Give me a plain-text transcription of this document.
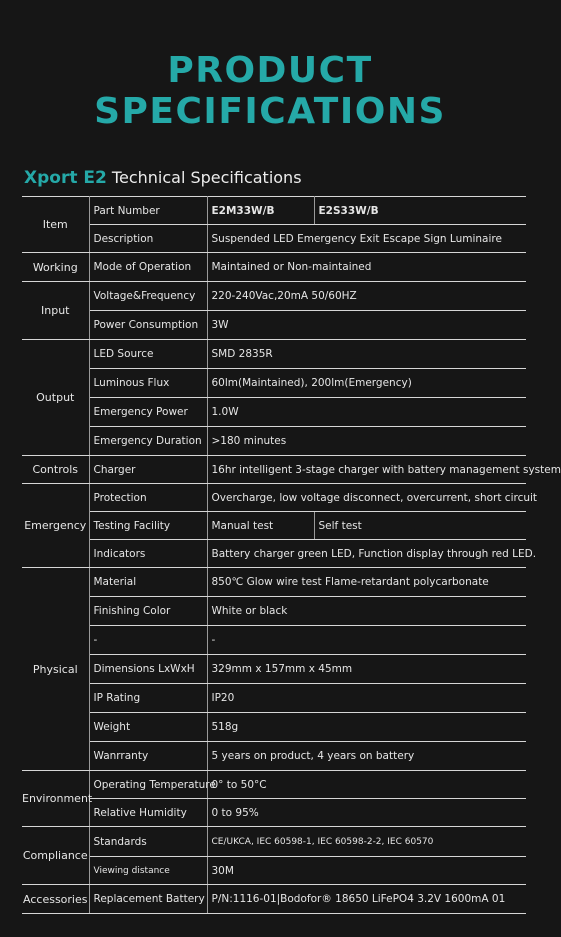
PRODUCT
SPECIFICATIONS
Xport E2 Technical Specifications
Item	Part Number	E2M33W/B	E2S33W/B
	Description	Suspended LED Emergency Exit Escape Sign Luminaire	
Working	Mode of Operation	Maintained or Non-maintained	
Input	Voltage&Frequency	220-240Vac,20mA 50/60HZ	
	Power Consumption	3W	
Output	LED Source	SMD 2835R	
	Luminous Flux	60lm(Maintained), 200lm(Emergency)	
	Emergency Power	1.0W	
	Emergency Duration	>180 minutes	
Controls	Charger	16hr intelligent 3-stage charger with battery management system	
Emergency	Protection	Overcharge, low voltage disconnect, overcurrent, short circuit	
	Testing Facility	Manual test	Self test
	Indicators	Battery charger green LED, Function display through red LED.	
Physical	Material	850℃ Glow wire test Flame-retardant polycarbonate	
	Finishing Color	White or black	
	-	-	
	Dimensions LxWxH	329mm x 157mm x 45mm	
	IP Rating	IP20	
	Weight	518g	
	Wanrranty	5 years on product, 4 years on battery	
Environment	Operating Temperature	0° to 50°C	
	Relative Humidity	0 to 95%	
Compliance	Standards	CE/UKCA, IEC 60598-1, IEC 60598-2-2, IEC 60570	
	Viewing distance	30M	
Accessories	Replacement Battery	P/N:1116-01|Bodofor® 18650 LiFePO4 3.2V 1600mA 01	
